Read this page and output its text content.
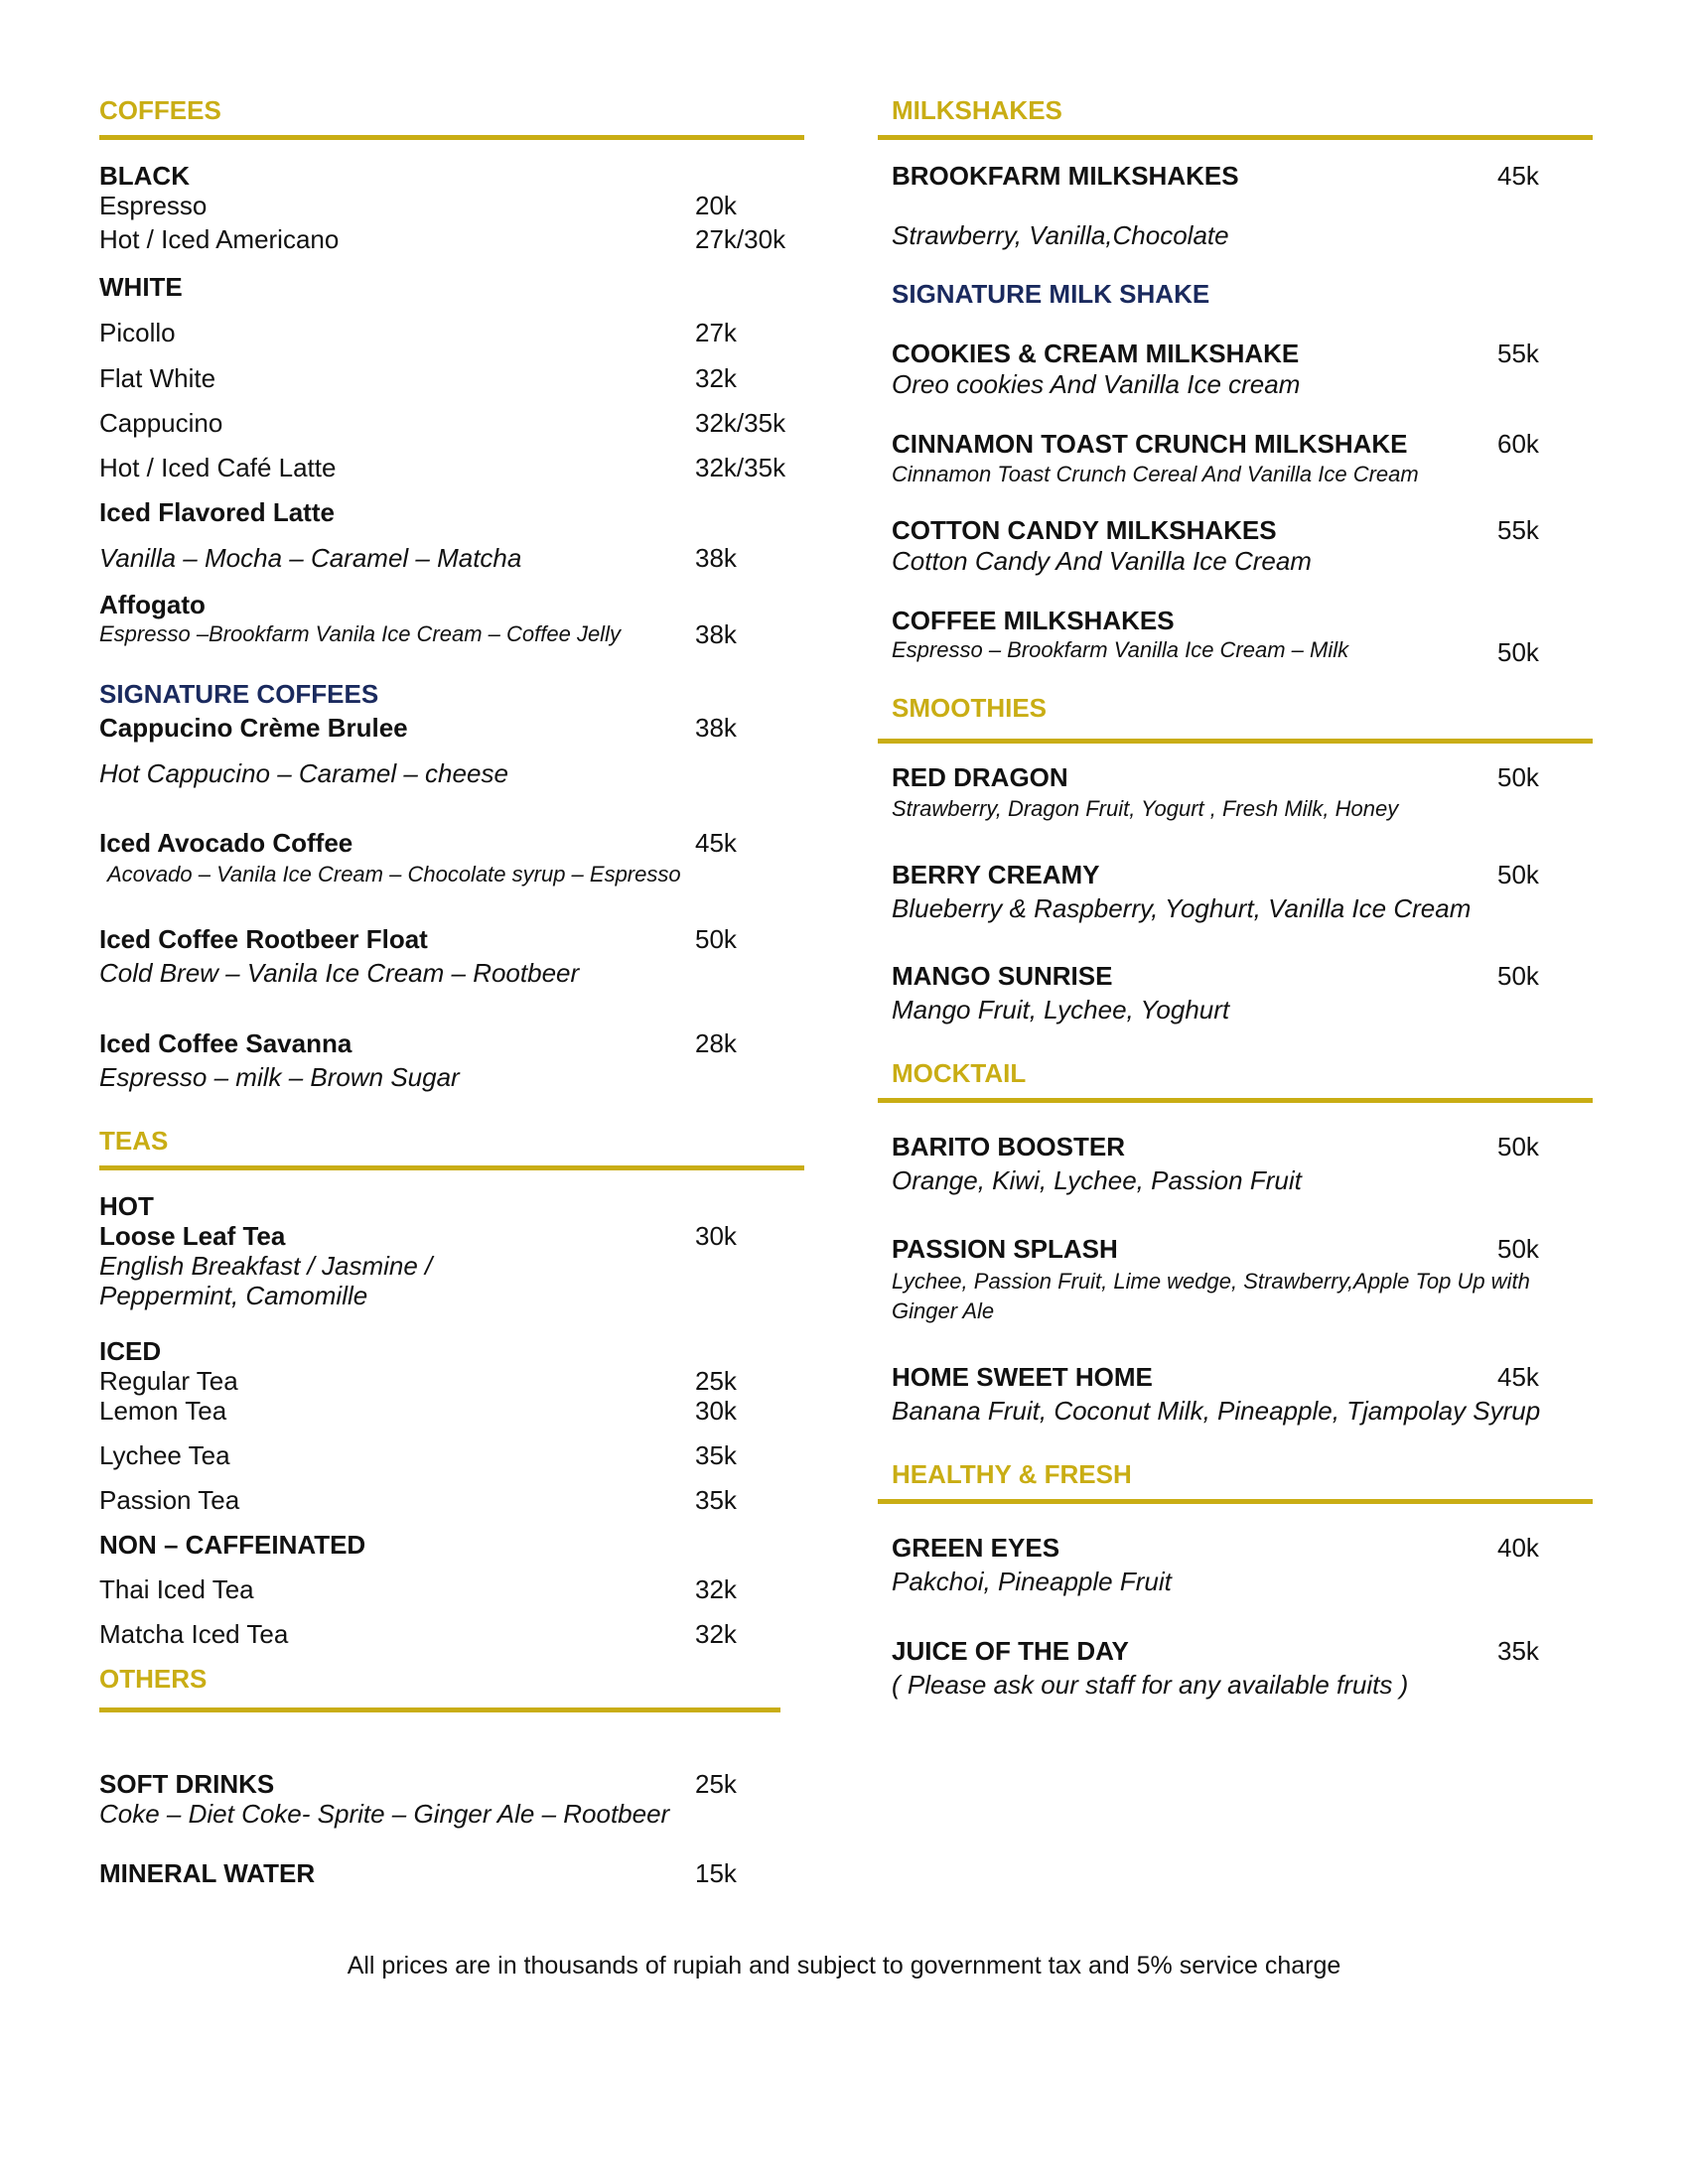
COFFEES
BLACK
Espresso	20k
Hot / Iced Americano	27k/30k
WHITE
Picollo	27k
Flat White	32k
Cappucino	32k/35k
Hot / Iced Café Latte	32k/35k
Iced Flavored Latte
Vanilla – Mocha – Caramel – Matcha	38k
Affogato
Espresso –Brookfarm Vanila Ice Cream – Coffee Jelly	38k
SIGNATURE COFFEES
Cappucino Crème Brulee	38k
Hot Cappucino – Caramel – cheese
Iced Avocado Coffee	45k
Acovado – Vanila Ice Cream – Chocolate syrup – Espresso
Iced Coffee Rootbeer Float	50k
Cold Brew – Vanila Ice Cream – Rootbeer
Iced Coffee Savanna	28k
Espresso – milk – Brown Sugar
TEAS
HOT
Loose Leaf Tea	30k
English Breakfast / Jasmine /
Peppermint, Camomille
ICED
Regular Tea	25k
Lemon Tea	30k
Lychee Tea	35k
Passion Tea	35k
NON – CAFFEINATED
Thai Iced Tea	32k
Matcha Iced Tea	32k
OTHERS
SOFT DRINKS	25k
Coke – Diet Coke- Sprite – Ginger Ale – Rootbeer
MINERAL WATER	15k
MILKSHAKES
BROOKFARM MILKSHAKES	45k
Strawberry, Vanilla,Chocolate
SIGNATURE MILK SHAKE
COOKIES & CREAM MILKSHAKE	55k
Oreo cookies And Vanilla Ice cream
CINNAMON TOAST CRUNCH MILKSHAKE	60k
Cinnamon Toast Crunch Cereal And Vanilla Ice Cream
COTTON CANDY MILKSHAKES	55k
Cotton Candy And Vanilla Ice Cream
COFFEE MILKSHAKES
Espresso – Brookfarm Vanilla Ice Cream – Milk	50k
SMOOTHIES
RED DRAGON	50k
Strawberry, Dragon Fruit, Yogurt , Fresh Milk, Honey
BERRY CREAMY	50k
Blueberry & Raspberry, Yoghurt, Vanilla Ice Cream
MANGO SUNRISE	50k
Mango Fruit, Lychee, Yoghurt
MOCKTAIL
BARITO BOOSTER	50k
Orange, Kiwi, Lychee, Passion Fruit
PASSION SPLASH	50k
Lychee, Passion Fruit, Lime wedge, Strawberry,Apple Top Up with
Ginger Ale
HOME SWEET HOME	45k
Banana Fruit, Coconut Milk, Pineapple, Tjampolay Syrup
HEALTHY & FRESH
GREEN EYES	40k
Pakchoi, Pineapple Fruit
JUICE OF THE DAY	35k
( Please ask our staff for any available fruits )
All prices are in thousands of rupiah and subject to government tax and 5% service charge
